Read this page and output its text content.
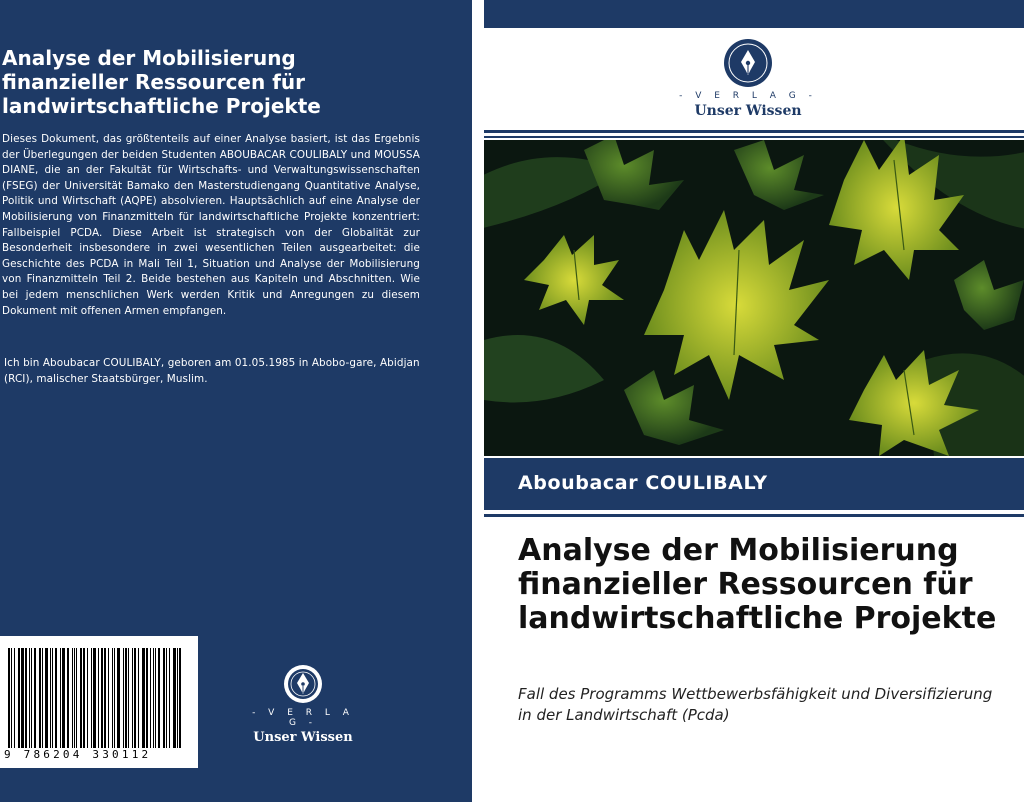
Analyse der Mobilisierung finanzieller Ressourcen für landwirtschaftliche Projekte
Dieses Dokument, das größtenteils auf einer Analyse basiert, ist das Ergebnis der Überlegungen der beiden Studenten ABOUBACAR COULIBALY und MOUSSA DIANE, die an der Fakultät für Wirtschafts- und Verwaltungswissenschaften (FSEG) der Universität Bamako den Masterstudiengang Quantitative Analyse, Politik und Wirtschaft (AQPE) absolvieren. Hauptsächlich auf eine Analyse der Mobilisierung von Finanzmitteln für landwirtschaftliche Projekte konzentriert: Fallbeispiel PCDA. Diese Arbeit ist strategisch von der Globalität zur Besonderheit insbesondere in zwei wesentlichen Teilen ausgearbeitet: die Geschichte des PCDA in Mali Teil 1, Situation und Analyse der Mobilisierung von Finanzmitteln Teil 2. Beide bestehen aus Kapiteln und Abschnitten. Wie bei jedem menschlichen Werk werden Kritik und Anregungen zu diesem Dokument mit offenen Armen empfangen.
Ich bin Aboubacar COULIBALY, geboren am 01.05.1985 in Abobo-gare, Abidjan (RCI), malischer Staatsbürger, Muslim.
9 786204 330112
- V E R L A G -
Unser Wissen
- V E R L A G -
Unser Wissen
Aboubacar COULIBALY
Analyse der Mobilisierung finanzieller Ressourcen für landwirtschaftliche Projekte
Fall des Programms Wettbewerbsfähigkeit und Diversifizierung in der Landwirtschaft (Pcda)
